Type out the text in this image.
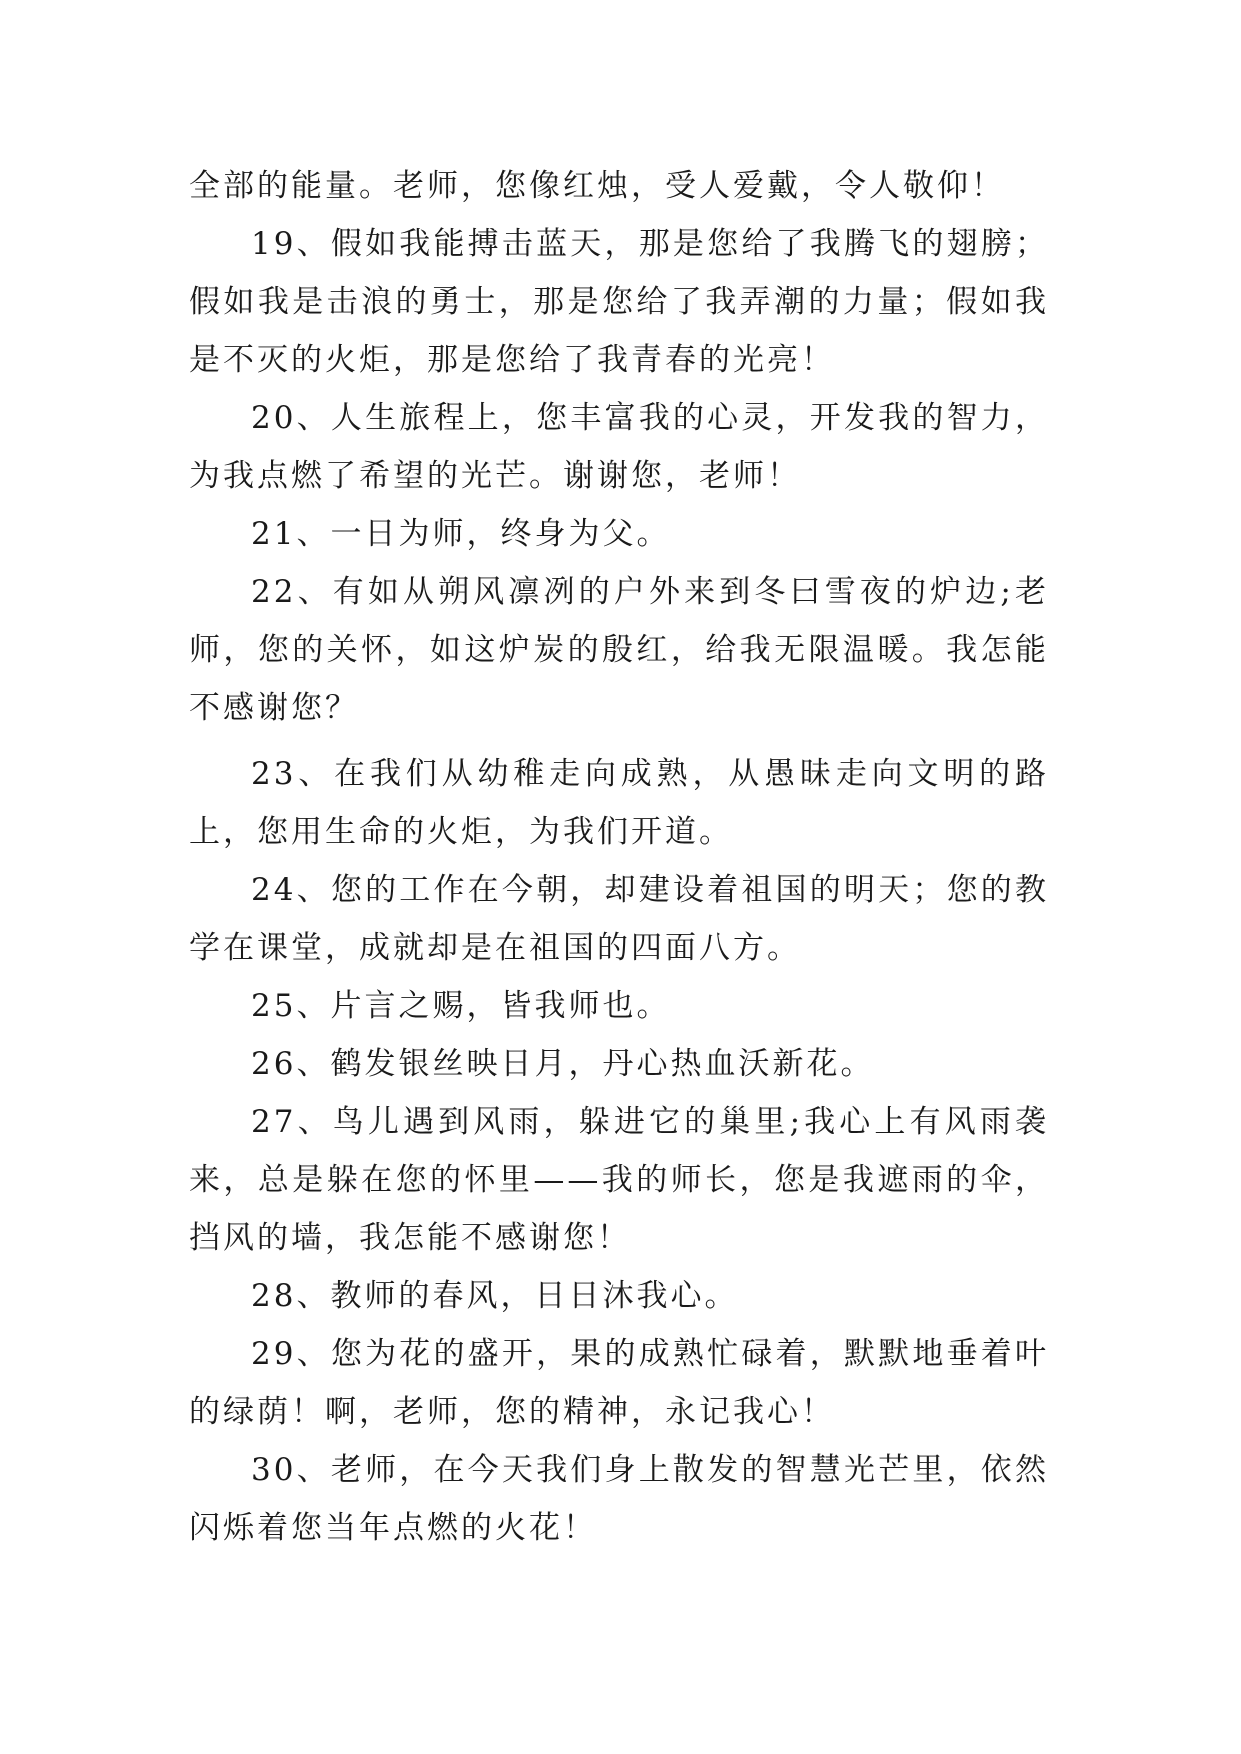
全部的能量。老师，您像红烛，受人爱戴，令人敬仰！

19、假如我能搏击蓝天，那是您给了我腾飞的翅膀；假如我是击浪的勇士，那是您给了我弄潮的力量；假如我是不灭的火炬，那是您给了我青春的光亮！

20、人生旅程上，您丰富我的心灵，开发我的智力，为我点燃了希望的光芒。谢谢您，老师！

21、一日为师，终身为父。

22、有如从朔风凛冽的户外来到冬曰雪夜的炉边;老师，您的关怀，如这炉炭的殷红，给我无限温暖。我怎能不感谢您？

23、在我们从幼稚走向成熟，从愚昧走向文明的路上，您用生命的火炬，为我们开道。

24、您的工作在今朝，却建设着祖国的明天；您的教学在课堂，成就却是在祖国的四面八方。

25、片言之赐，皆我师也。

26、鹤发银丝映日月，丹心热血沃新花。

27、鸟儿遇到风雨，躲进它的巢里;我心上有风雨袭来，总是躲在您的怀里——我的师长，您是我遮雨的伞，挡风的墙，我怎能不感谢您！

28、教师的春风，日日沐我心。

29、您为花的盛开，果的成熟忙碌着，默默地垂着叶的绿荫！啊，老师，您的精神，永记我心！

30、老师，在今天我们身上散发的智慧光芒里，依然闪烁着您当年点燃的火花！
